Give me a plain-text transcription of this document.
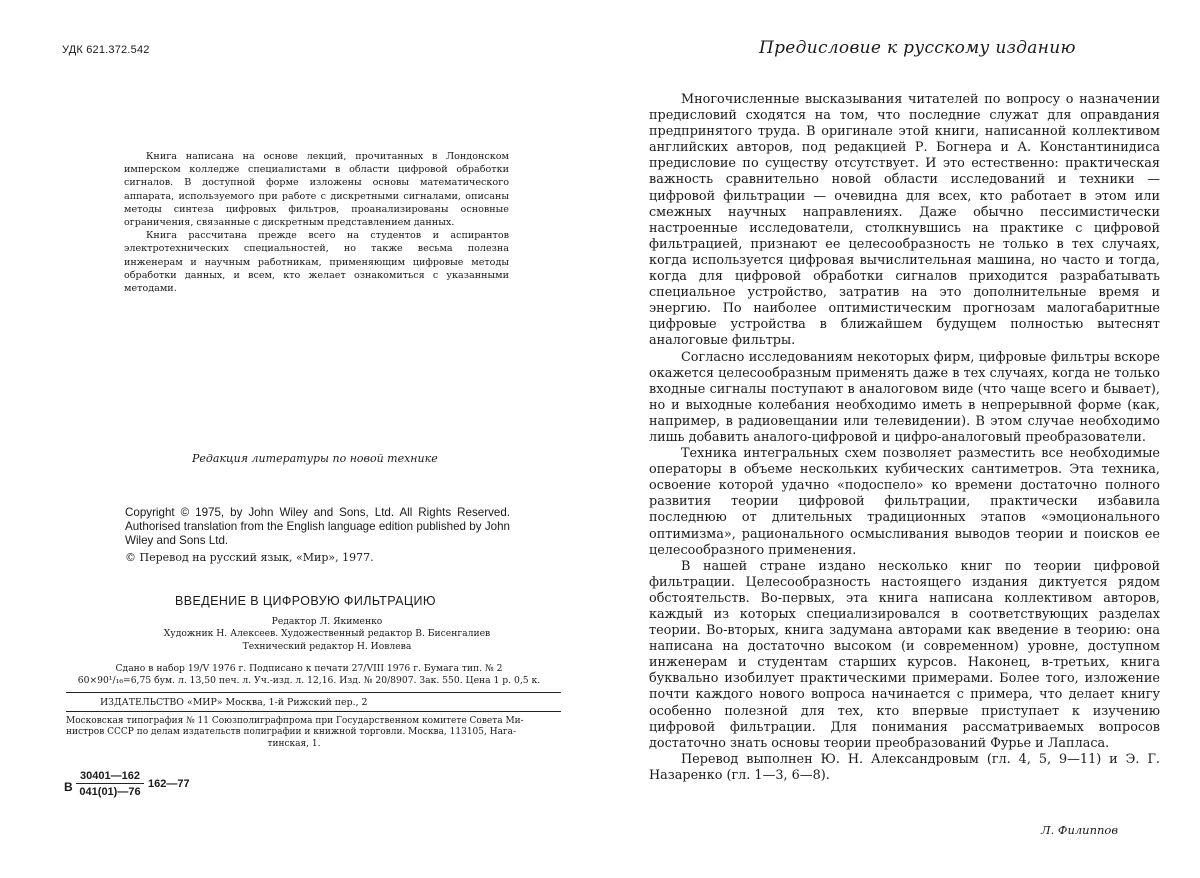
УДК 621.372.542

Книга написана на основе лекций, прочитанных в Лондонском имперском колледже специалистами в области цифровой обработки сигналов. В доступной форме изложены основы математического аппарата, используемого при работе с дискретными сигналами, описаны методы синтеза цифровых фильтров, проанализированы основные ограничения, связанные с дискретным представлением данных.

Книга рассчитана прежде всего на студентов и аспирантов электротехнических специальностей, но также весьма полезна инженерам и научным работникам, применяющим цифровые методы обработки данных, и всем, кто желает ознакомиться с указанными методами.

Редакция литературы по новой технике

Copyright © 1975, by John Wiley and Sons, Ltd. All Rights Reserved. Authorised translation from the English language edition published by John Wiley and Sons Ltd.

© Перевод на русский язык, «Мир», 1977.

ВВЕДЕНИЕ В ЦИФРОВУЮ ФИЛЬТРАЦИЮ
Редактор Л. Якименко
Художник Н. Алексеев. Художественный редактор В. Бисенгалиев
Технический редактор Н. Иовлева
Сдано в набор 19/V 1976 г. Подписано к печати 27/VIII 1976 г. Бумага тип. № 2
60×90¹/₁₆=6,75 бум. л. 13,50 печ. л. Уч.-изд. л. 12,16. Изд. № 20/8907. Зак. 550. Цена 1 р. 0,5 к.
ИЗДАТЕЛЬСТВО «МИР» Москва, 1-й Рижский пер., 2
Московская типография № 11 Союзполиграфпрома при Государственном комитете Совета Ми-
нистров СССР по делам издательств полиграфии и книжной торговли. Москва, 113105, Нага-
тинская, 1.
В $\frac{30401—162}{041(01)—76}$ 162—77
Предисловие к русскому изданию

Многочисленные высказывания читателей по вопросу о назначении предисловий сходятся на том, что последние служат для оправдания предпринятого труда. В оригинале этой книги, написанной коллективом английских авторов, под редакцией Р. Богнера и А. Константинидиса предисловие по существу отсутствует. И это естественно: практическая важность сравнительно новой области исследований и техники — цифровой фильтрации — очевидна для всех, кто работает в этом или смежных научных направлениях. Даже обычно пессимистически настроенные исследователи, столкнувшись на практике с цифровой фильтрацией, признают ее целесообразность не только в тех случаях, когда используется цифровая вычислительная машина, но часто и тогда, когда для цифровой обработки сигналов приходится разрабатывать специальное устройство, затратив на это дополнительные время и энергию. По наиболее оптимистическим прогнозам малогабаритные цифровые устройства в ближайшем будущем полностью вытеснят аналоговые фильтры.

Согласно исследованиям некоторых фирм, цифровые фильтры вскоре окажется целесообразным применять даже в тех случаях, когда не только входные сигналы поступают в аналоговом виде (что чаще всего и бывает), но и выходные колебания необходимо иметь в непрерывной форме (как, например, в радиовещании или телевидении). В этом случае необходимо лишь добавить аналого-цифровой и цифро-аналоговый преобразователи.

Техника интегральных схем позволяет разместить все необходимые операторы в объеме нескольких кубических сантиметров. Эта техника, освоение которой удачно «подоспело» ко времени достаточно полного развития теории цифровой фильтрации, практически избавила последнюю от длительных традиционных этапов «эмоционального оптимизма», рационального осмысливания выводов теории и поисков ее целесообразного применения.

В нашей стране издано несколько книг по теории цифровой фильтрации. Целесообразность настоящего издания диктуется рядом обстоятельств. Во-первых, эта книга написана коллективом авторов, каждый из которых специализировался в соответствующих разделах теории. Во-вторых, книга задумана авторами как введение в теорию: она написана на достаточно высоком (и современном) уровне, доступном инженерам и студентам старших курсов. Наконец, в-третьих, книга буквально изобилует практическими примерами. Более того, изложение почти каждого нового вопроса начинается с примера, что делает книгу особенно полезной для тех, кто впервые приступает к изучению цифровой фильтрации. Для понимания рассматриваемых вопросов достаточно знать основы теории преобразований Фурье и Лапласа.

Перевод выполнен Ю. Н. Александровым (гл. 4, 5, 9—11) и Э. Г. Назаренко (гл. 1—3, 6—8).

Л. Филиппов
